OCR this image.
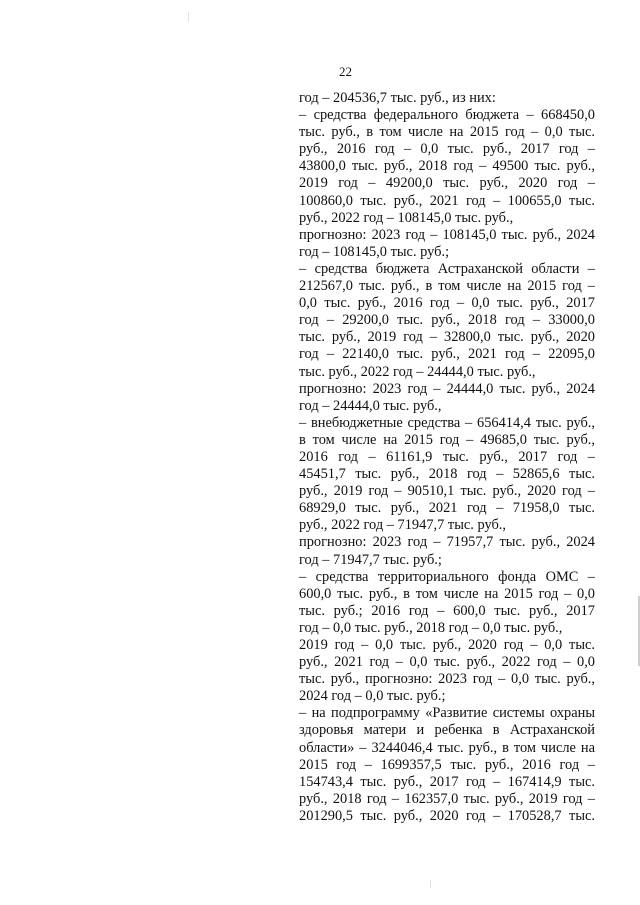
22
год – 204536,7 тыс. руб., из них:
– средства федерального бюджета – 668450,0
тыс. руб., в том числе на 2015 год – 0,0 тыс.
руб., 2016 год – 0,0 тыс. руб., 2017 год –
43800,0 тыс. руб., 2018 год – 49500 тыс. руб.,
2019 год – 49200,0 тыс. руб., 2020 год –
100860,0 тыс. руб., 2021 год – 100655,0 тыс.
руб., 2022 год – 108145,0 тыс. руб.,
прогнозно: 2023 год – 108145,0 тыс. руб., 2024
год – 108145,0 тыс. руб.;
– средства бюджета Астраханской области –
212567,0 тыс. руб., в том числе на 2015 год –
0,0 тыс. руб., 2016 год – 0,0 тыс. руб., 2017
год – 29200,0 тыс. руб., 2018 год – 33000,0
тыс. руб., 2019 год – 32800,0 тыс. руб., 2020
год – 22140,0 тыс. руб., 2021 год – 22095,0
тыс. руб., 2022 год – 24444,0 тыс. руб.,
прогнозно: 2023 год – 24444,0 тыс. руб., 2024
год – 24444,0 тыс. руб.,
– внебюджетные средства – 656414,4 тыс. руб.,
в том числе на 2015 год – 49685,0 тыс. руб.,
2016 год – 61161,9 тыс. руб., 2017 год –
45451,7 тыс. руб., 2018 год – 52865,6 тыс.
руб., 2019 год – 90510,1 тыс. руб., 2020 год –
68929,0 тыс. руб., 2021 год – 71958,0 тыс.
руб., 2022 год – 71947,7 тыс. руб.,
прогнозно: 2023 год – 71957,7 тыс. руб., 2024
год – 71947,7 тыс. руб.;
– средства территориального фонда ОМС –
600,0 тыс. руб., в том числе на 2015 год – 0,0
тыс. руб.; 2016 год – 600,0 тыс. руб., 2017
год – 0,0 тыс. руб., 2018 год – 0,0 тыс. руб.,
2019 год – 0,0 тыс. руб., 2020 год – 0,0 тыс.
руб., 2021 год – 0,0 тыс. руб., 2022 год – 0,0
тыс. руб., прогнозно: 2023 год – 0,0 тыс. руб.,
2024 год – 0,0 тыс. руб.;
– на подпрограмму «Развитие системы охраны
здоровья матери и ребенка в Астраханской
области» – 3244046,4 тыс. руб., в том числе на
2015 год – 1699357,5 тыс. руб., 2016 год –
154743,4 тыс. руб., 2017 год – 167414,9 тыс.
руб., 2018 год – 162357,0 тыс. руб., 2019 год –
201290,5 тыс. руб., 2020 год – 170528,7 тыс.
